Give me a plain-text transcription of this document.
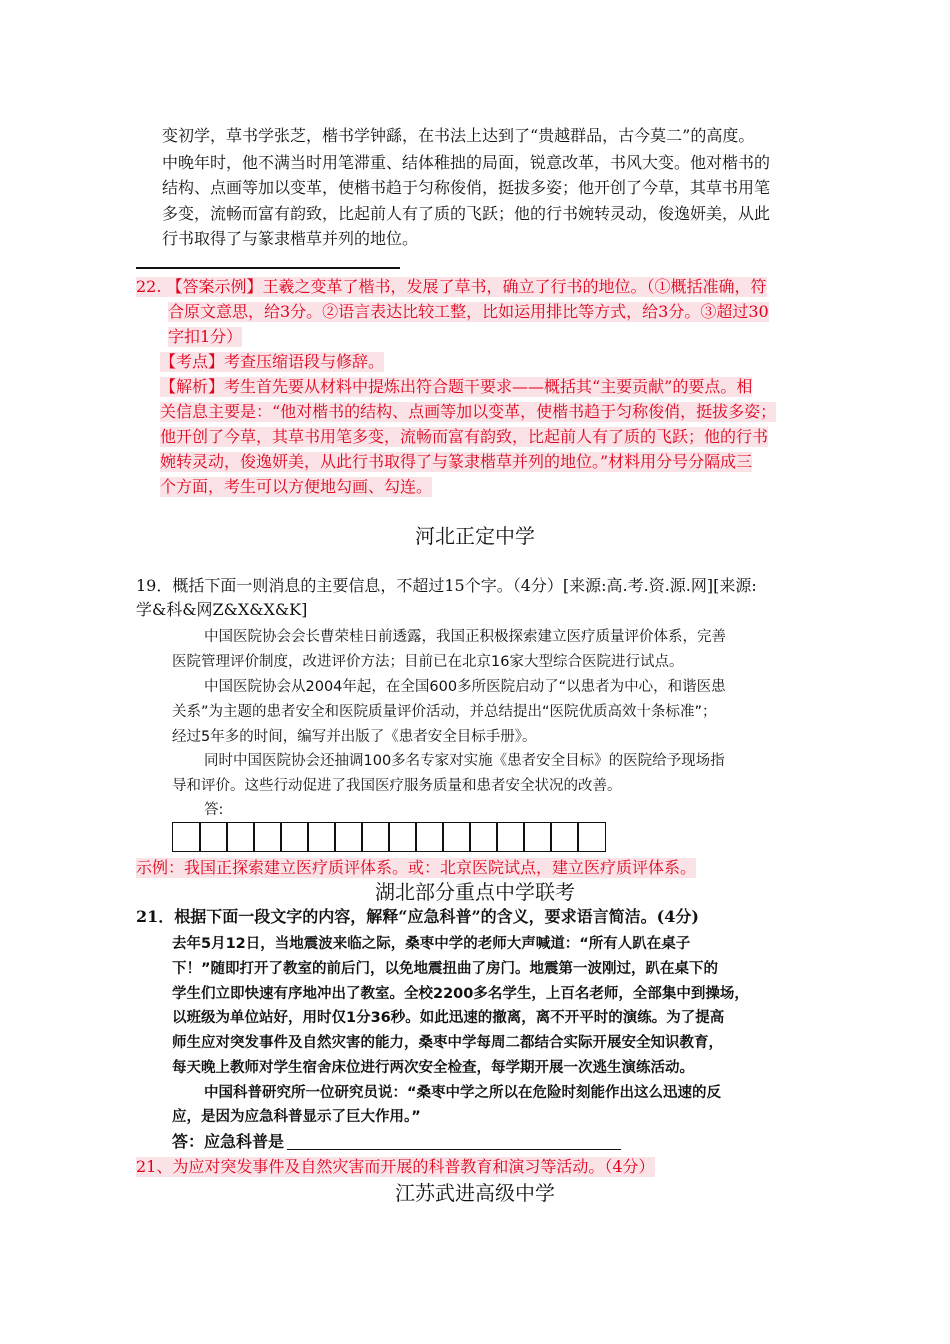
变初学，草书学张芝，楷书学钟繇，在书法上达到了“贵越群品，古今莫二”的高度。
中晚年时，他不满当时用笔滞重、结体稚拙的局面，锐意改革，书风大变。他对楷书的
结构、点画等加以变革，使楷书趋于匀称俊俏，挺拔多姿；他开创了今草，其草书用笔
多变，流畅而富有韵致，比起前人有了质的飞跃；他的行书婉转灵动，俊逸妍美，从此
行书取得了与篆隶楷草并列的地位。
22. 【答案示例】王羲之变革了楷书，发展了草书，确立了行书的地位。（①概括准确，符
合原文意思，给3分。②语言表达比较工整，比如运用排比等方式，给3分。③超过30
字扣1分）
【考点】考查压缩语段与修辞。
【解析】考生首先要从材料中提炼出符合题干要求——概括其“主要贡献”的要点。相
关信息主要是：“他对楷书的结构、点画等加以变革，使楷书趋于匀称俊俏，挺拔多姿；
他开创了今草，其草书用笔多变，流畅而富有韵致，比起前人有了质的飞跃；他的行书
婉转灵动，俊逸妍美，从此行书取得了与篆隶楷草并列的地位。”材料用分号分隔成三
个方面，考生可以方便地勾画、勾连。
河北正定中学
19．概括下面一则消息的主要信息，不超过15个字。（4分）[来源:高.考.资.源.网][来源:
学&科&网Z&X&X&K]
中国医院协会会长曹荣桂日前透露，我国正积极探索建立医疗质量评价体系，完善
医院管理评价制度，改进评价方法；目前已在北京16家大型综合医院进行试点。
中国医院协会从2004年起，在全国600多所医院启动了“以患者为中心，和谐医患
关系”为主题的患者安全和医院质量评价活动，并总结提出“医院优质高效十条标准”；
经过5年多的时间，编写并出版了《患者安全目标手册》。
同时中国医院协会还抽调100多名专家对实施《患者安全目标》的医院给予现场指
导和评价。这些行动促进了我国医疗服务质量和患者安全状况的改善。
答:
示例：我国正探索建立医疗质评体系。或：北京医院试点，建立医疗质评体系。
湖北部分重点中学联考
21．根据下面一段文字的内容，解释“应急科普”的含义，要求语言简洁。(4分)
去年5月12日，当地震波来临之际，桑枣中学的老师大声喊道：“所有人趴在桌子
下！”随即打开了教室的前后门，以免地震扭曲了房门。地震第一波刚过，趴在桌下的
学生们立即快速有序地冲出了教室。全校2200多名学生，上百名老师，全部集中到操场，
以班级为单位站好，用时仅1分36秒。如此迅速的撤离，离不开平时的演练。为了提高
师生应对突发事件及自然灾害的能力，桑枣中学每周二都结合实际开展安全知识教育，
每天晚上教师对学生宿舍床位进行两次安全检查，每学期开展一次逃生演练活动。
中国科普研究所一位研究员说：“桑枣中学之所以在危险时刻能作出这么迅速的反
应，是因为应急科普显示了巨大作用。”
答：应急科普是
21、为应对突发事件及自然灾害而开展的科普教育和演习等活动。（4分）
江苏武进高级中学
